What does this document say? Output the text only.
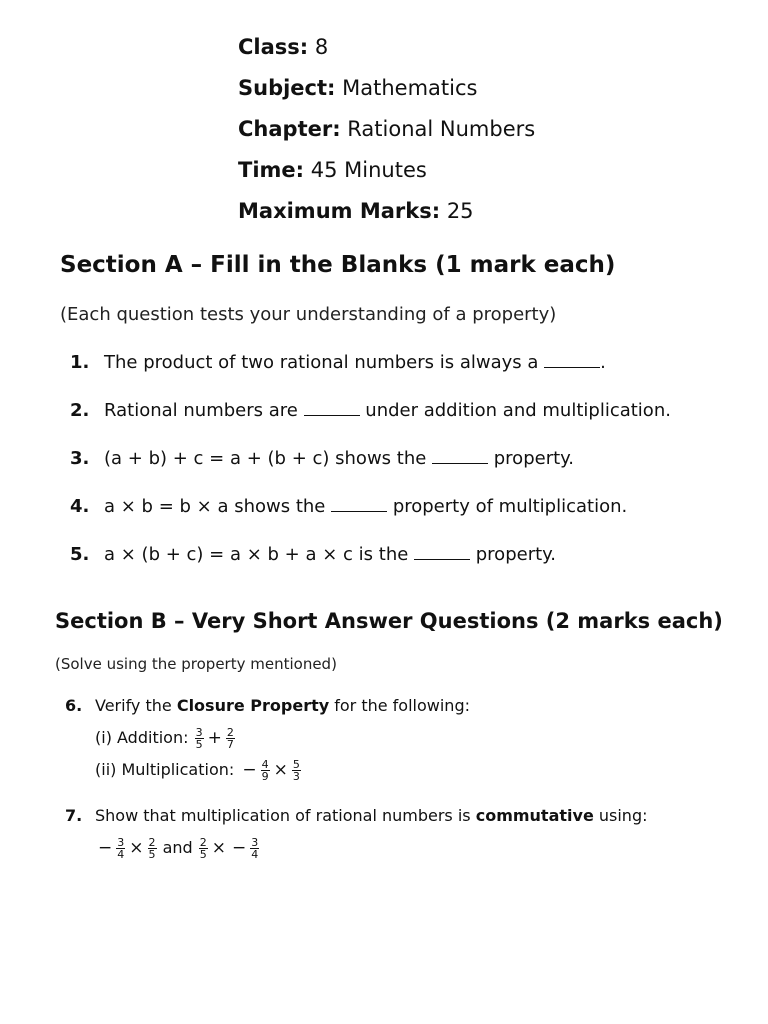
Class: 8
Subject: Mathematics
Chapter: Rational Numbers
Time: 45 Minutes
Maximum Marks: 25
Section A – Fill in the Blanks (1 mark each)
(Each question tests your understanding of a property)
1. The product of two rational numbers is always a	.
2. Rational numbers are	under addition and multiplication.
3. (a + b) + c = a + (b + c) shows the	property.
4. a × b = b × a shows the	property of multiplication.
5. a × (b + c) = a × b + a × c is the	property.
Section B – Very Short Answer Questions (2 marks each)
(Solve using the property mentioned)
6. Verify the Closure Property for the following:
(i) Addition: $\frac{3}{5} + \frac{2}{7}$
(ii) Multiplication: − $\frac{4}{9} \times \frac{5}{3}$
7. Show that multiplication of rational numbers is commutative using:
− $\frac{3}{4} \times \frac{2}{5}$ and $\frac{2}{5}$ × − $\frac{3}{4}$
